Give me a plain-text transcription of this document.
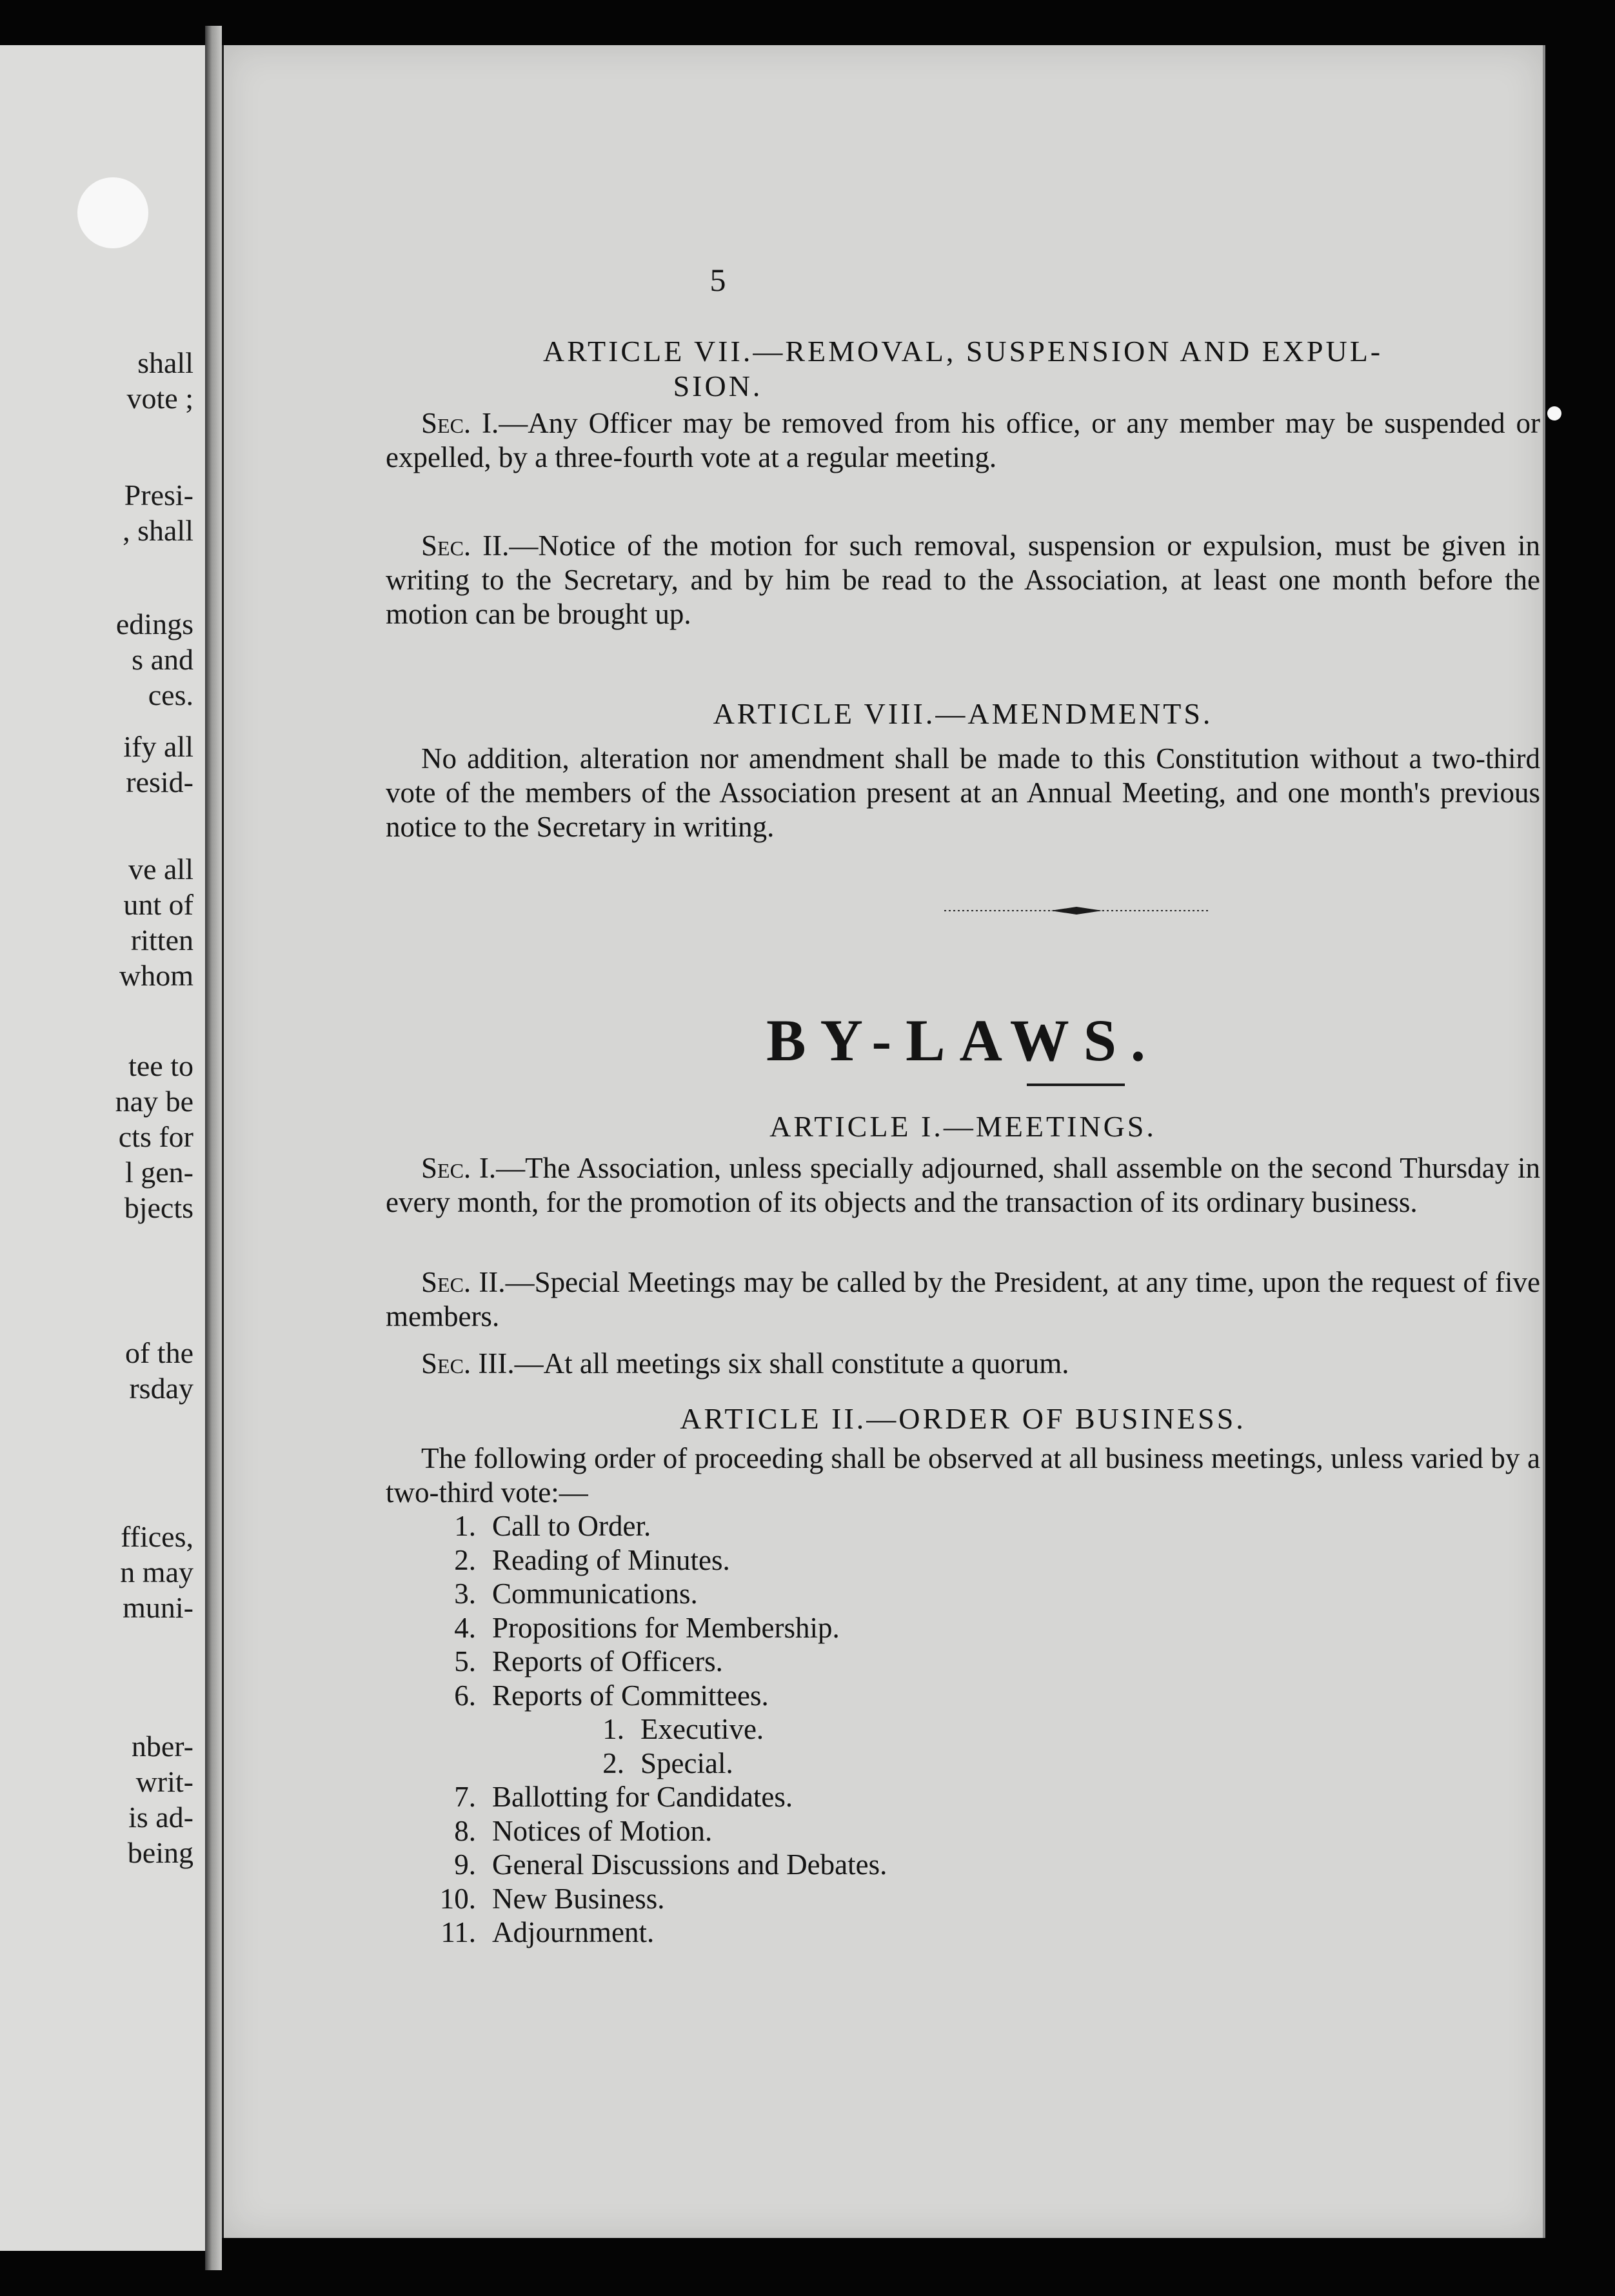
shall
vote ;
Presi-
, shall
edings
s and
ces.
ify all
resid-
ve all
unt of
ritten
whom
tee to
nay be
cts for
l gen-
bjects
of the
rsday
ffices,
n may
muni-
nber-
writ-
is ad-
being
5
ARTICLE VII.—REMOVAL, SUSPENSION AND EXPUL-
SION.

Sec. I.—Any Officer may be removed from his office, or any member may be suspended or expelled, by a three-fourth vote at a regular meeting.

Sec. II.—Notice of the motion for such removal, suspension or expulsion, must be given in writing to the Secretary, and by him be read to the Association, at least one month before the motion can be brought up.

ARTICLE VIII.—AMENDMENTS.
No addition, alteration nor amendment shall be made to this Constitution without a two-third vote of the members of the Association present at an Annual Meeting, and one month's previous notice to the Secretary in writing.
BY-LAWS.
ARTICLE I.—MEETINGS.

Sec. I.—The Association, unless specially adjourned, shall assemble on the second Thursday in every month, for the promotion of its objects and the transaction of its ordinary business.

Sec. II.—Special Meetings may be called by the President, at any time, upon the request of five members.

Sec. III.—At all meetings six shall constitute a quorum.

ARTICLE II.—ORDER OF BUSINESS.
The following order of proceeding shall be observed at all business meetings, unless varied by a two-third vote:—
1. Call to Order.
2. Reading of Minutes.
3. Communications.
4. Propositions for Membership.
5. Reports of Officers.
6. Reports of Committees.
1. Executive.
2. Special.
7. Ballotting for Candidates.
8. Notices of Motion.
9. General Discussions and Debates.
10. New Business.
11. Adjournment.
